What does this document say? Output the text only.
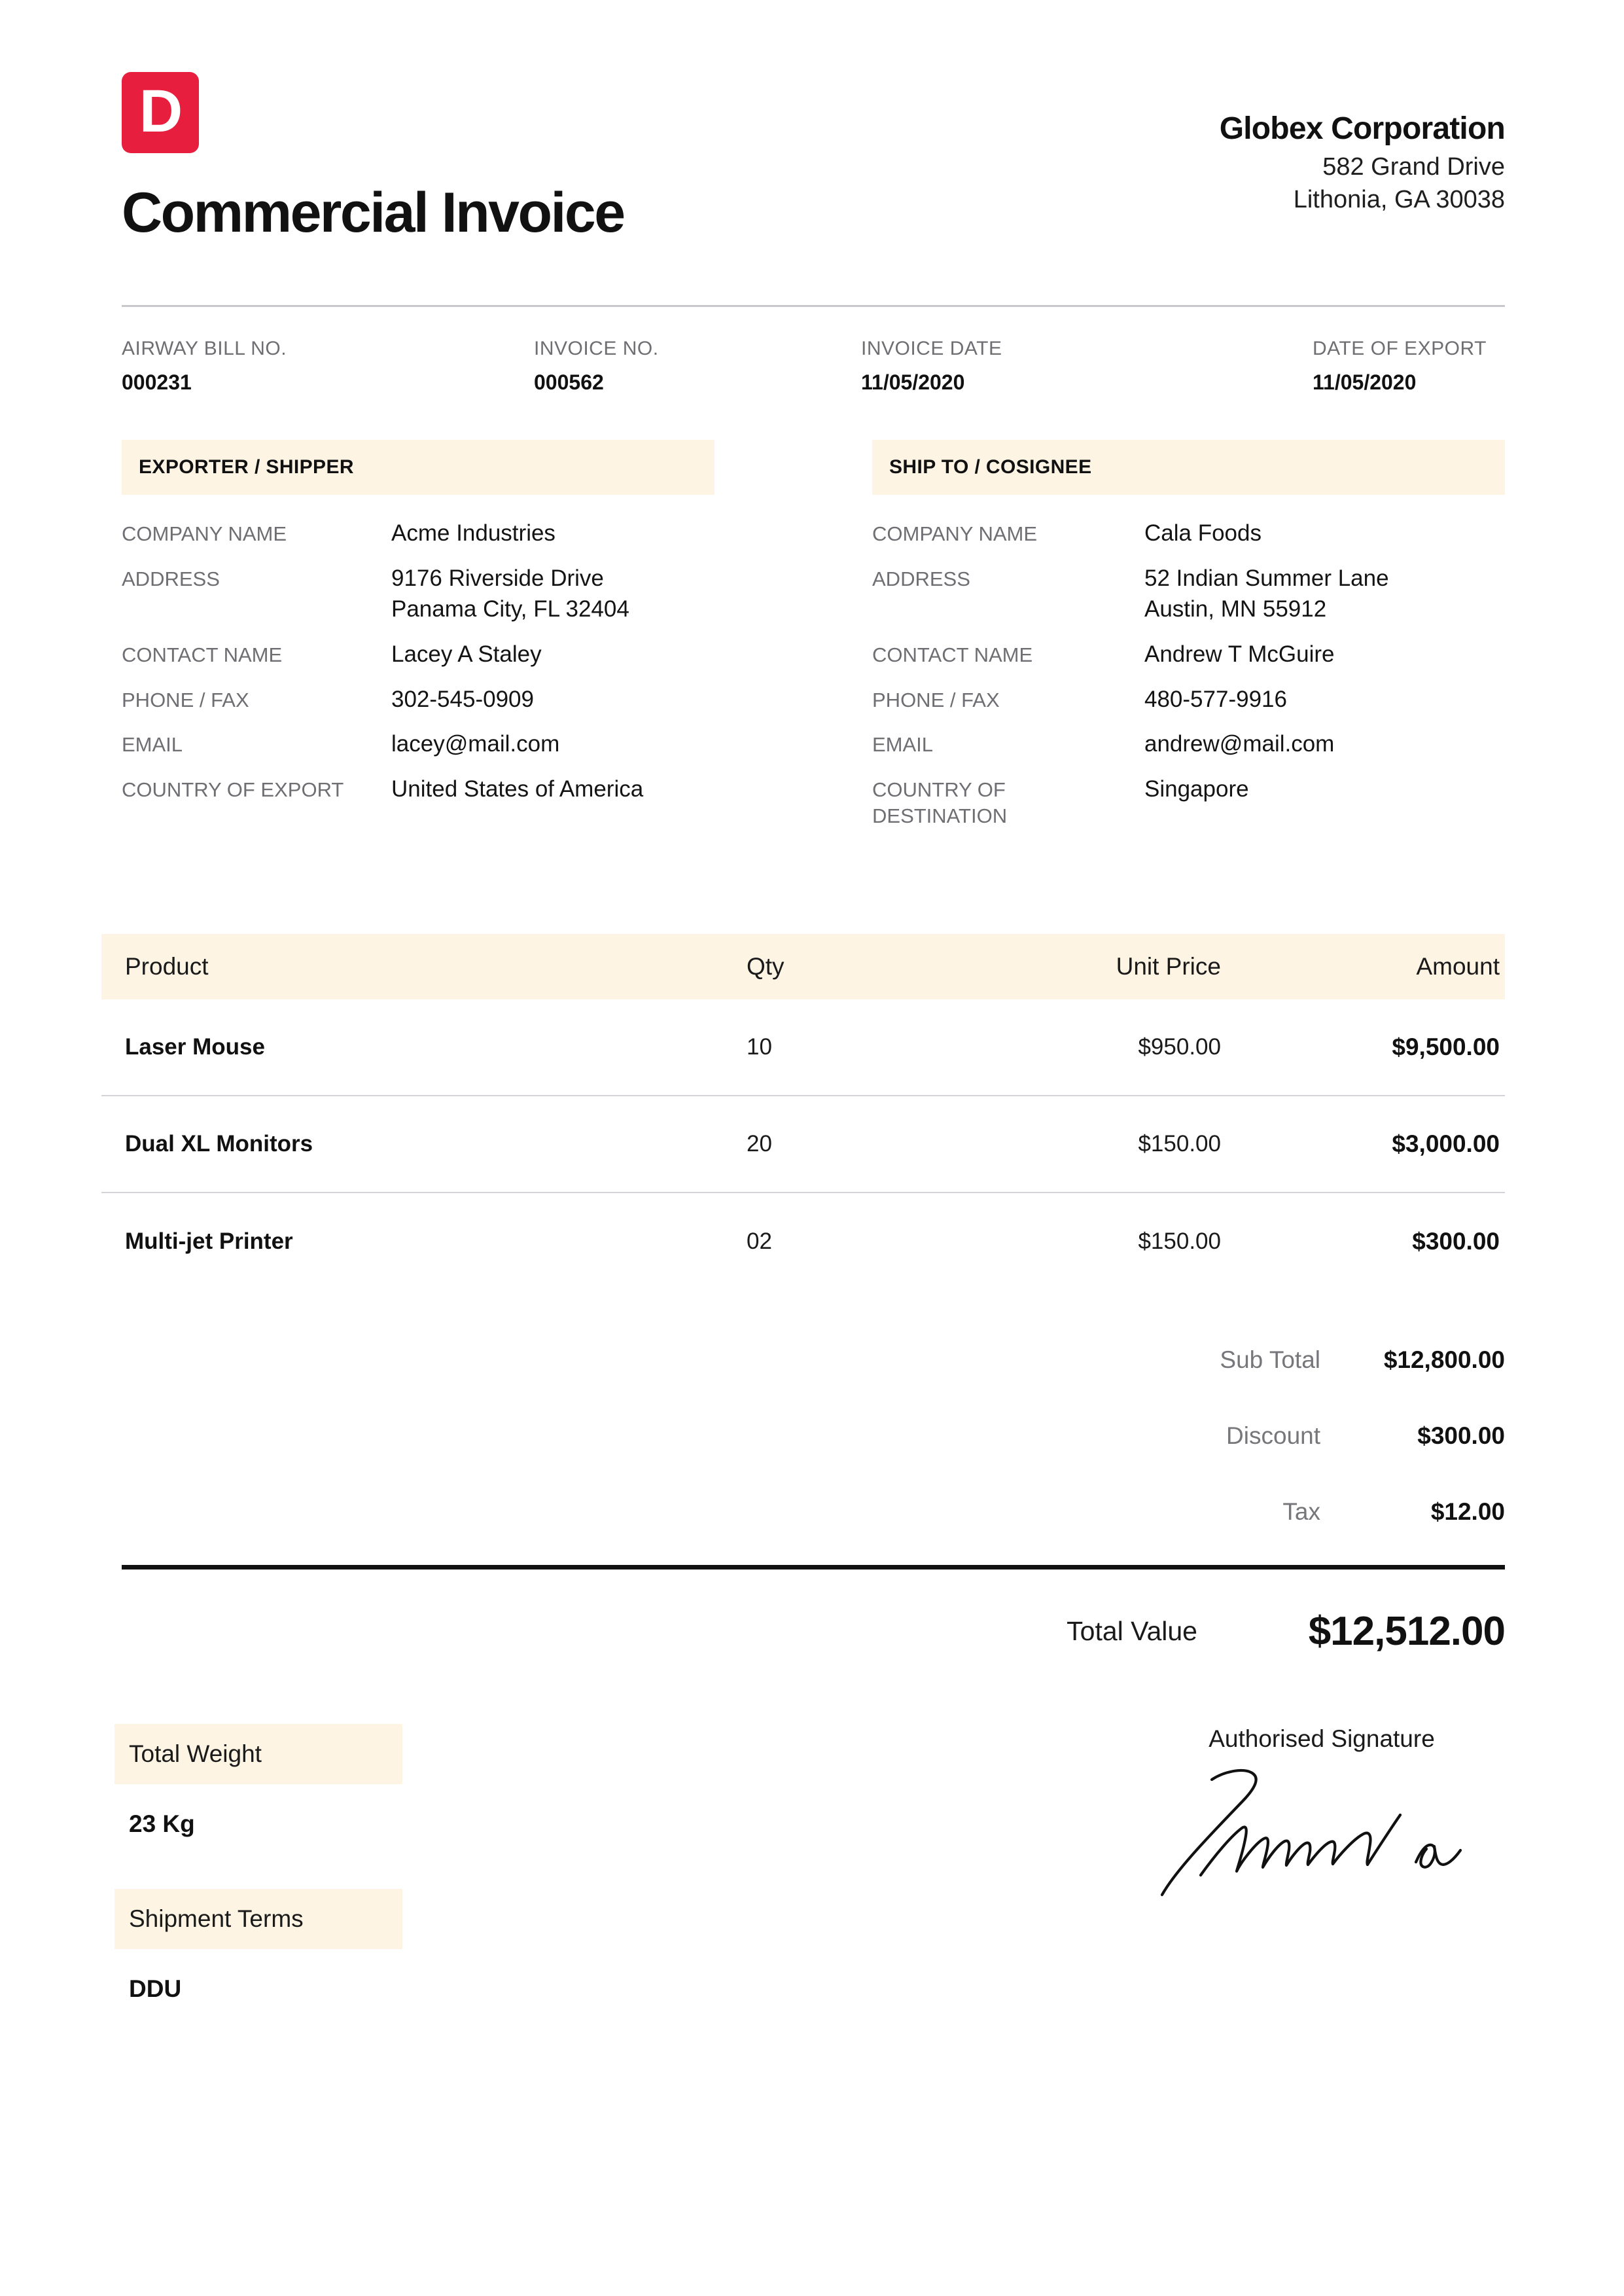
D
Commercial Invoice
Globex Corporation
582 Grand Drive
Lithonia, GA 30038
AIRWAY BILL NO.
000231
INVOICE NO.
000562
INVOICE DATE
11/05/2020
DATE OF EXPORT
11/05/2020
EXPORTER / SHIPPER
COMPANY NAME	Acme Industries
ADDRESS	9176 Riverside Drive
Panama City, FL 32404
CONTACT NAME	Lacey A Staley
PHONE / FAX	302-545-0909
EMAIL	lacey@mail.com
COUNTRY OF EXPORT	United States of America
SHIP TO / COSIGNEE
COMPANY NAME	Cala Foods
ADDRESS	52 Indian Summer Lane
Austin, MN 55912
CONTACT NAME	Andrew T McGuire
PHONE / FAX	480-577-9916
EMAIL	andrew@mail.com
COUNTRY OF
DESTINATION
Singapore
Product	Qty	Unit Price	Amount
Laser Mouse	10	$950.00	$9,500.00
Dual XL Monitors	20	$150.00	$3,000.00
Multi-jet Printer	02	$150.00	$300.00
Sub Total	$12,800.00
Discount	$300.00
Tax	$12.00
Total Value	$12,512.00
Total Weight
23 Kg
Shipment Terms
DDU
Authorised Signature
